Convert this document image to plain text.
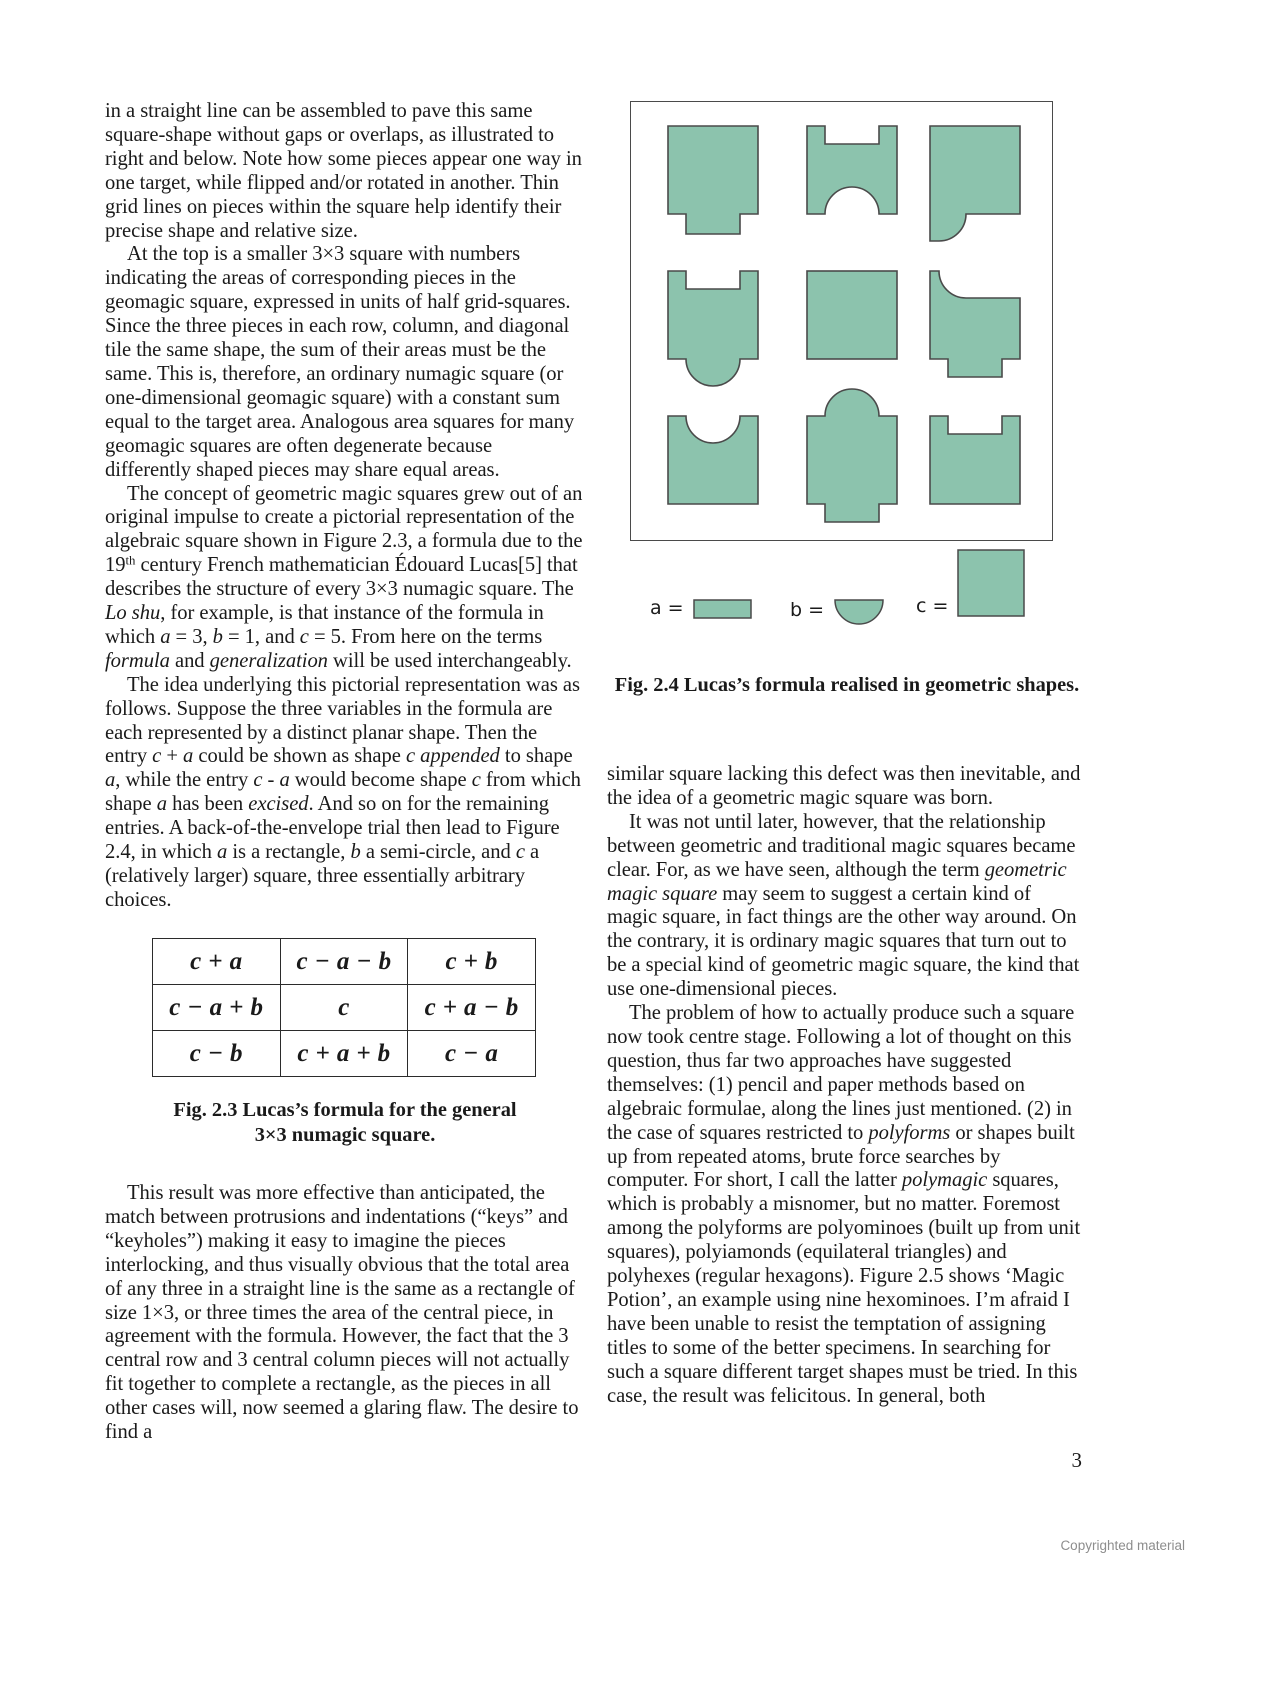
in a straight line can be assembled to pave this same square-shape without gaps or overlaps, as illustrated to right and below. Note how some pieces appear one way in one target, while flipped and/or rotated in another. Thin grid lines on pieces within the square help identify their precise shape and relative size.

At the top is a smaller 3×3 square with numbers indicating the areas of corresponding pieces in the geomagic square, expressed in units of half grid-squares. Since the three pieces in each row, column, and diagonal tile the same shape, the sum of their areas must be the same. This is, therefore, an ordinary numagic square (or one-dimensional geomagic square) with a constant sum equal to the target area. Analogous area squares for many geomagic squares are often degenerate because differently shaped pieces may share equal areas.

The concept of geometric magic squares grew out of an original impulse to create a pictorial representation of the algebraic square shown in Figure 2.3, a formula due to the 19th century French mathematician Édouard Lucas[5] that describes the structure of every 3×3 numagic square. The Lo shu, for example, is that instance of the formula in which a = 3, b = 1, and c = 5. From here on the terms formula and generalization will be used interchangeably.

The idea underlying this pictorial representation was as follows. Suppose the three variables in the formula are each represented by a distinct planar shape. Then the entry c + a could be shown as shape c appended to shape a, while the entry c - a would become shape c from which shape a has been excised. And so on for the remaining entries. A back-of-the-envelope trial then lead to Figure 2.4, in which a is a rectangle, b a semi-circle, and c a (relatively larger) square, three essentially arbitrary choices.

c + a	c − a − b	c + b
c − a + b	c	c + a − b
c − b	c + a + b	c − a
Fig. 2.3 Lucas’s formula for the general
3×3 numagic square.

This result was more effective than anticipated, the match between protrusions and indentations (“keys” and “keyholes”) making it easy to imagine the pieces interlocking, and thus visually obvious that the total area of any three in a straight line is the same as a rectangle of size 1×3, or three times the area of the central piece, in agreement with the formula. However, the fact that the 3 central row and 3 central column pieces will not actually fit together to complete a rectangle, as the pieces in all other cases will, now seemed a glaring flaw. The desire to find a

a =	b =	c =
Fig. 2.4 Lucas’s formula realised in geometric shapes.

similar square lacking this defect was then inevitable, and the idea of a geometric magic square was born.

It was not until later, however, that the relationship between geometric and traditional magic squares became clear. For, as we have seen, although the term geometric magic square may seem to suggest a certain kind of magic square, in fact things are the other way around. On the contrary, it is ordinary magic squares that turn out to be a special kind of geometric magic square, the kind that use one-dimensional pieces.

The problem of how to actually produce such a square now took centre stage. Following a lot of thought on this question, thus far two approaches have suggested themselves: (1) pencil and paper methods based on algebraic formulae, along the lines just mentioned. (2) in the case of squares restricted to polyforms or shapes built up from repeated atoms, brute force searches by computer. For short, I call the latter polymagic squares, which is probably a misnomer, but no matter. Foremost among the polyforms are polyominoes (built up from unit squares), polyiamonds (equilateral triangles) and polyhexes (regular hexagons). Figure 2.5 shows ‘Magic Potion’, an example using nine hexominoes. I’m afraid I have been unable to resist the temptation of assigning titles to some of the better specimens. In searching for such a square different target shapes must be tried. In this case, the result was felicitous. In general, both

3
Copyrighted material
